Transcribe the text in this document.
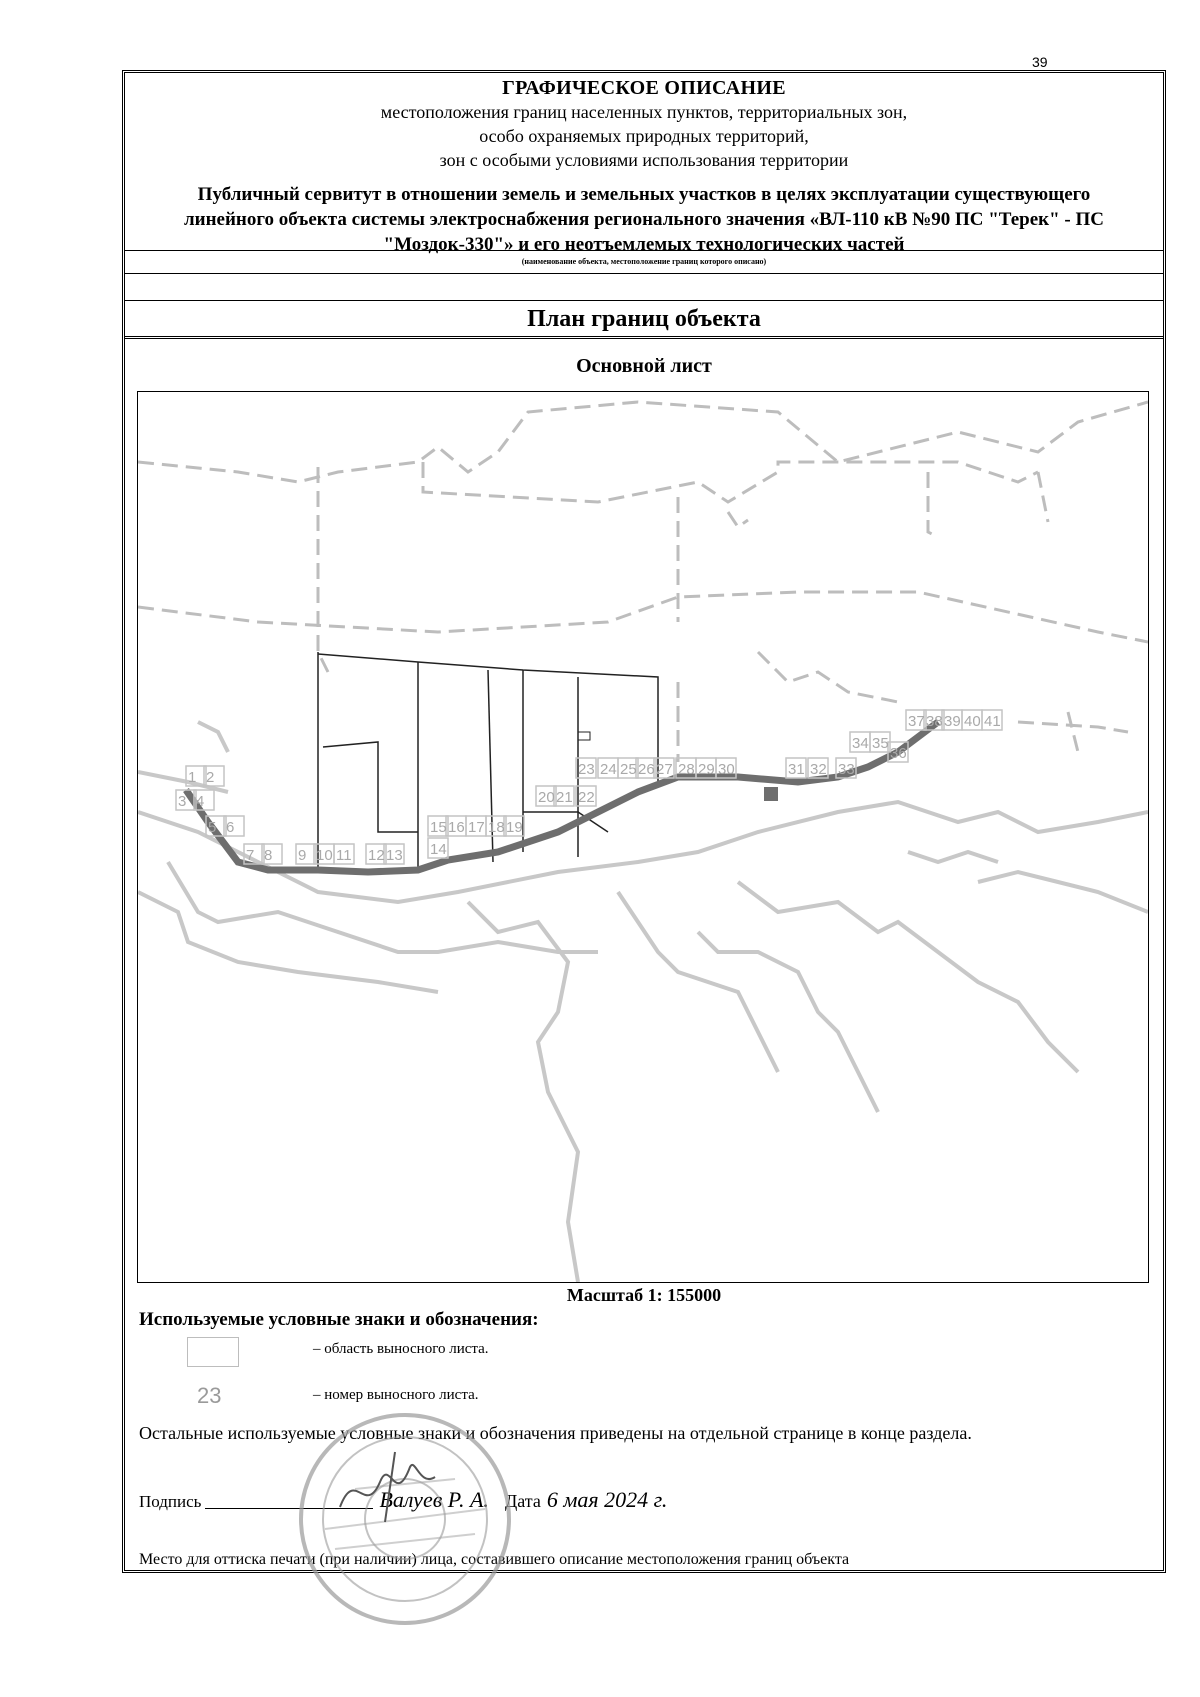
39
ГРАФИЧЕСКОЕ ОПИСАНИЕ
местоположения границ населенных пунктов, территориальных зон,
особо охраняемых природных территорий,
зон с особыми условиями использования территории
Публичный сервитут в отношении земель и земельных участков в целях эксплуатации существующего линейного объекта системы электроснабжения регионального значения «ВЛ-110 кВ №90 ПС "Терек" - ПС "Моздок-330"» и его неотъемлемых технологических частей
(наименование объекта, местоположение границ которого описано)
План границ объекта
Основной лист
1 2
3 4
5 6
7 8 9 10 11 12 13 14
15 16 17 18 19
20 21 22
23 24 25 26 27 28 29 30	31 32 33
34 35
36
37 38 39 40 41
Масштаб 1: 155000
Используемые условные знаки и обозначения:
– область выносного листа.
23	– номер выносного листа.
Остальные используемые условные знаки и обозначения приведены на отдельной странице в конце раздела.
Подпись	Валуев Р. А. Дата 6 мая 2024 г.
Место для оттиска печати (при наличии) лица, составившего описание местоположения границ объекта
